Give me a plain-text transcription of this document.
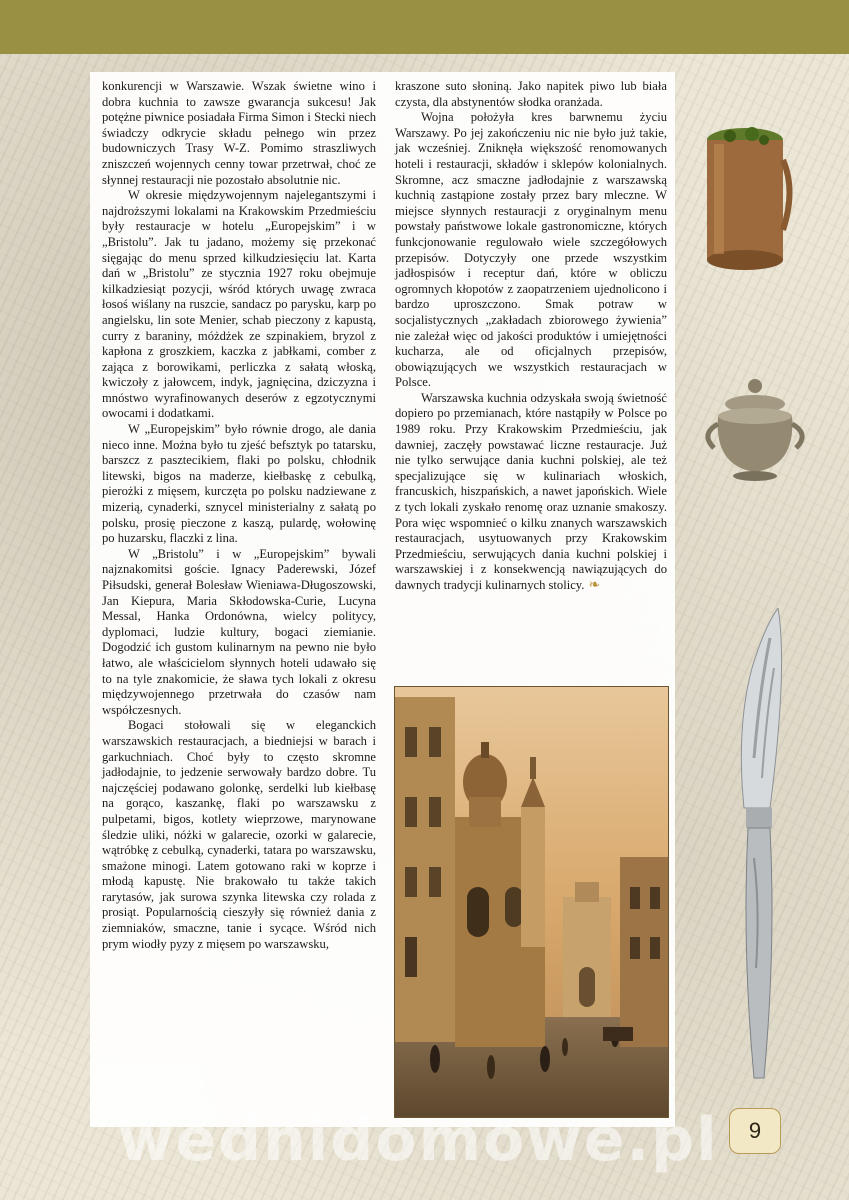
konkurencji w Warszawie. Wszak świetne wino i dobra kuchnia to zawsze gwarancja sukcesu! Jak potężne piwnice posiadała Firma Simon i Stecki niech świadczy odkrycie składu pełnego win przez budowniczych Trasy W-Z. Pomimo straszliwych zniszczeń wojennych cenny towar przetrwał, choć ze słynnej restauracji nie pozostało absolutnie nic.

W okresie międzywojennym najelegantszymi i najdroższymi lokalami na Krakowskim Przedmieściu były restauracje w hotelu „Europejskim” i w „Bristolu”. Jak tu jadano, możemy się przekonać sięgając do menu sprzed kilkudziesięciu lat. Karta dań w „Bristolu” ze stycznia 1927 roku obejmuje kilkadziesiąt pozycji, wśród których uwagę zwraca łosoś wiślany na ruszcie, sandacz po parysku, karp po angielsku, lin sote Menier, schab pieczony z kapustą, curry z baraniny, móżdżek ze szpinakiem, bryzol z kapłona z groszkiem, kaczka z jabłkami, comber z zająca z borowikami, perliczka z sałatą włoską, kwiczoły z jałowcem, indyk, jagnięcina, dziczyzna i mnóstwo wyrafinowanych deserów z egzotycznymi owocami i dodatkami.

W „Europejskim” było równie drogo, ale dania nieco inne. Można było tu zjeść befsztyk po tatarsku, barszcz z pasztecikiem, flaki po polsku, chłodnik litewski, bigos na maderze, kiełbaskę z cebulką, pierożki z mięsem, kurczęta po polsku nadziewane z mizerią, cynaderki, sznycel ministerialny z sałatą po polsku, prosię pieczone z kaszą, pulardę, wołowinę po huzarsku, flaczki z lina.

W „Bristolu” i w „Europejskim” bywali najznakomitsi goście. Ignacy Paderewski, Józef Piłsudski, generał Bolesław Wieniawa-Długoszowski, Jan Kiepura, Maria Skłodowska-Curie, Lucyna Messal, Hanka Ordonówna, wielcy politycy, dyplomaci, ludzie kultury, bogaci ziemianie. Dogodzić ich gustom kulinarnym na pewno nie było łatwo, ale właścicielom słynnych hoteli udawało się to na tyle znakomicie, że sława tych lokali z okresu międzywojennego przetrwała do czasów nam współczesnych.

Bogaci stołowali się w eleganckich warszawskich restauracjach, a biedniejsi w barach i garkuchniach. Choć były to często skromne jadłodajnie, to jedzenie serwowały bardzo dobre. Tu najczęściej podawano golonkę, serdelki lub kiełbasę na gorąco, kaszankę, flaki po warszawsku z pulpetami, bigos, kotlety wieprzowe, marynowane śledzie uliki, nóżki w galarecie, ozorki w galarecie, wątróbkę z cebulką, cynaderki, tatara po warszawsku, smażone minogi. Latem gotowano raki w koprze i młodą kapustę. Nie brakowało tu także takich rarytasów, jak surowa szynka litewska czy rolada z prosiąt. Popularnością cieszyły się również dania z ziemniaków, smaczne, tanie i sycące. Wśród nich prym wiodły pyzy z mięsem po warszawsku,

kraszone suto słoniną. Jako napitek piwo lub biała czysta, dla abstynentów słodka oranżada.

Wojna położyła kres barwnemu życiu Warszawy. Po jej zakończeniu nic nie było już takie, jak wcześniej. Zniknęła większość renomowanych hoteli i restauracji, składów i sklepów kolonialnych. Skromne, acz smaczne jadłodajnie z warszawską kuchnią zastąpione zostały przez bary mleczne. W miejsce słynnych restauracji z oryginalnym menu powstały państwowe lokale gastronomiczne, których funkcjonowanie regulowało wiele szczegółowych przepisów. Dotyczyły one przede wszystkim jadłospisów i receptur dań, które w obliczu ogromnych kłopotów z zaopatrzeniem ujednolicono i bardzo uproszczono. Smak potraw w socjalistycznych „zakładach zbiorowego żywienia” nie zależał więc od jakości produktów i umiejętności kucharza, ale od oficjalnych przepisów, obowiązujących we wszystkich restauracjach w Polsce.

Warszawska kuchnia odzyskała swoją świetność dopiero po przemianach, które nastąpiły w Polsce po 1989 roku. Przy Krakowskim Przedmieściu, jak dawniej, zaczęły powstawać liczne restauracje. Już nie tylko serwujące dania kuchni polskiej, ale też specjalizujące się w kulinariach włoskich, francuskich, hiszpańskich, a nawet japońskich. Wiele z tych lokali zyskało renomę oraz uznanie smakoszy. Pora więc wspomnieć o kilku znanych warszawskich restauracjach, usytuowanych przy Krakowskim Przedmieściu, serwujących dania kuchni polskiej i warszawskiej i z konsekwencją nawiązujących do dawnych tradycji kulinarnych stolicy. ❧

wednidomowe.pl	9
